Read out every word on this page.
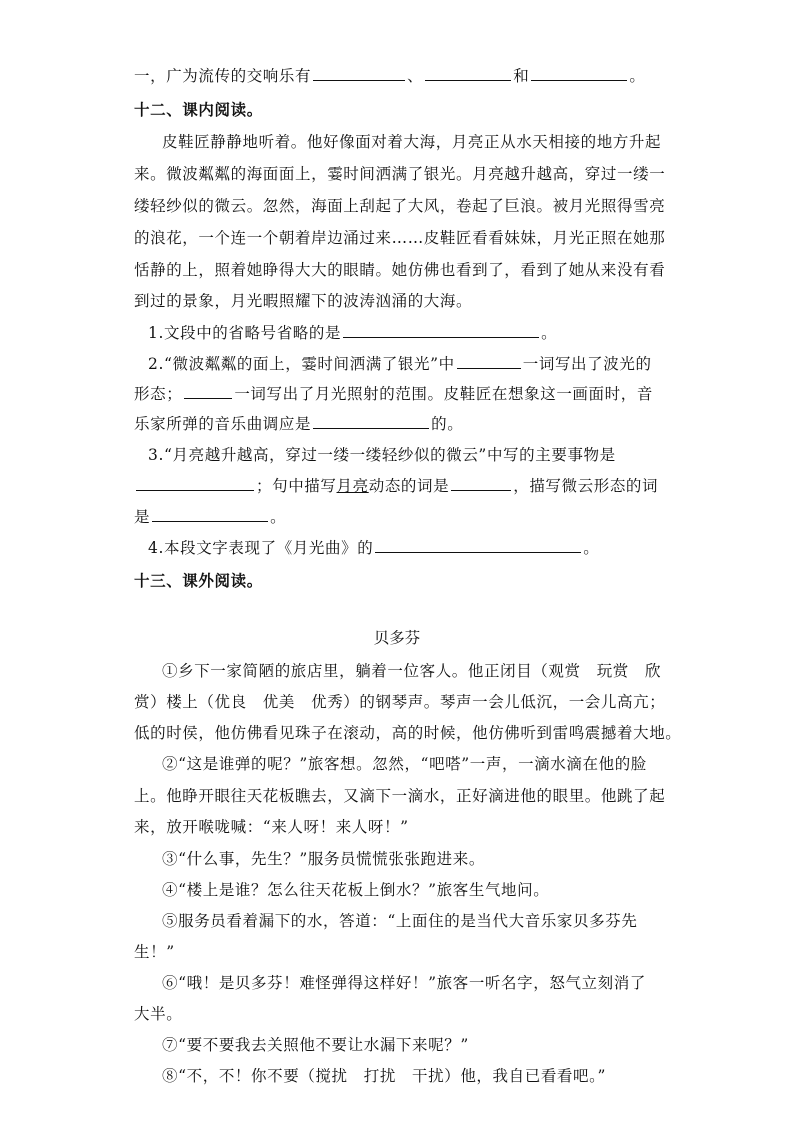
一，广为流传的交响乐有	、	和	。
十二、课内阅读。
皮鞋匠静静地听着。他好像面对着大海，月亮正从水天相接的地方升起
来。微波粼粼的海面面上，霎时间洒满了银光。月亮越升越高，穿过一缕一
缕轻纱似的微云。忽然，海面上刮起了大风，卷起了巨浪。被月光照得雪亮
的浪花，一个连一个朝着岸边涌过来……皮鞋匠看看妹妹，月光正照在她那
恬静的上，照着她睁得大大的眼睛。她仿佛也看到了，看到了她从来没有看
到过的景象，月光暇照耀下的波涛汹涌的大海。
1.文段中的省略号省略的是	。
2.“微波粼粼的面上，霎时间洒满了银光”中	一词写出了波光的
形态；	一词写出了月光照射的范围。皮鞋匠在想象这一画面时，音
乐家所弹的音乐曲调应是	的。
3.“月亮越升越高，穿过一缕一缕轻纱似的微云”中写的主要事物是
；句中描写月亮动态的词是	，描写微云形态的词
是	。
4.本段文字表现了《月光曲》的	。
十三、课外阅读。
贝多芬
①乡下一家简陋的旅店里，躺着一位客人。他正闭目（观赏　玩赏　欣
赏）楼上（优良　优美　优秀）的钢琴声。琴声一会儿低沉，一会儿高亢；
低的时侯，他仿佛看见珠子在滚动，高的时候，他仿佛听到雷鸣震撼着大地。
②“这是谁弹的呢？”旅客想。忽然，“吧嗒”一声，一滴水滴在他的脸
上。他睁开眼往天花板瞧去，又滴下一滴水，正好滴进他的眼里。他跳了起
来，放开喉咙喊：“来人呀！来人呀！”
③“什么事，先生？”服务员慌慌张张跑进来。
④“楼上是谁？怎么往天花板上倒水？”旅客生气地问。
⑤服务员看着漏下的水，答道：“上面住的是当代大音乐家贝多芬先
生！”
⑥“哦！是贝多芬！难怪弹得这样好！”旅客一听名字，怒气立刻消了
大半。
⑦“要不要我去关照他不要让水漏下来呢？”
⑧“不，不！你不要（搅扰　打扰　干扰）他，我自已看看吧。”
